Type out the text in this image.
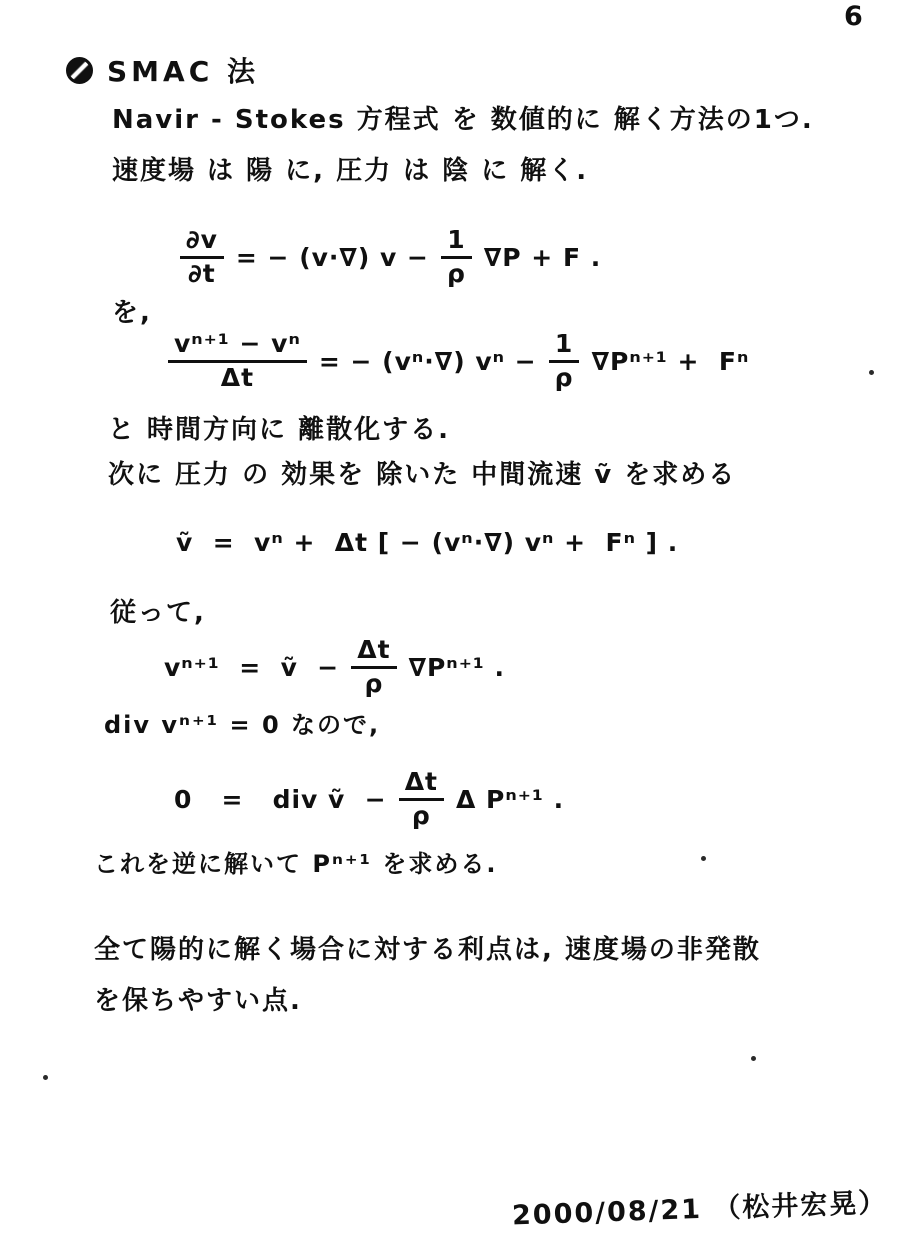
6
SMAC 法
Navir - Stokes 方程式 を 数値的に 解く方法の1つ.
速度場 は 陽 に, 圧力 は 陰 に 解く.
$\frac{\partial v}{\partial t}$ = − (v·∇) $v - \frac{1}{\rho} \nabla P + F$ .
を,
$\frac{\text{vⁿ⁺¹ − vⁿ}}{\Delta t}$ = − (vⁿ·∇) $v^n - \frac{1}{\rho} \nabla P^{n+1} + F^n$
と 時間方向に 離散化する.
次に 圧力 の 効果を 除いた 中間流速 ṽ を求める
ṽ  =  vⁿ +  Δt [ − (vⁿ·∇) vⁿ +  Fⁿ ] .
従って,
vⁿ⁺¹  =  ṽ  − $\frac{\Delta t}{\rho} \nabla P^{n+1}$ .
div vⁿ⁺¹ = 0 なので,
0   =   div ṽ  − $\frac{\Delta t}{\rho}$ Δ Pⁿ⁺¹ .
これを逆に解いて Pⁿ⁺¹ を求める.
全て陽的に解く場合に対する利点は, 速度場の非発散
を保ちやすい点.
2000/08/21 （松井宏晃）
